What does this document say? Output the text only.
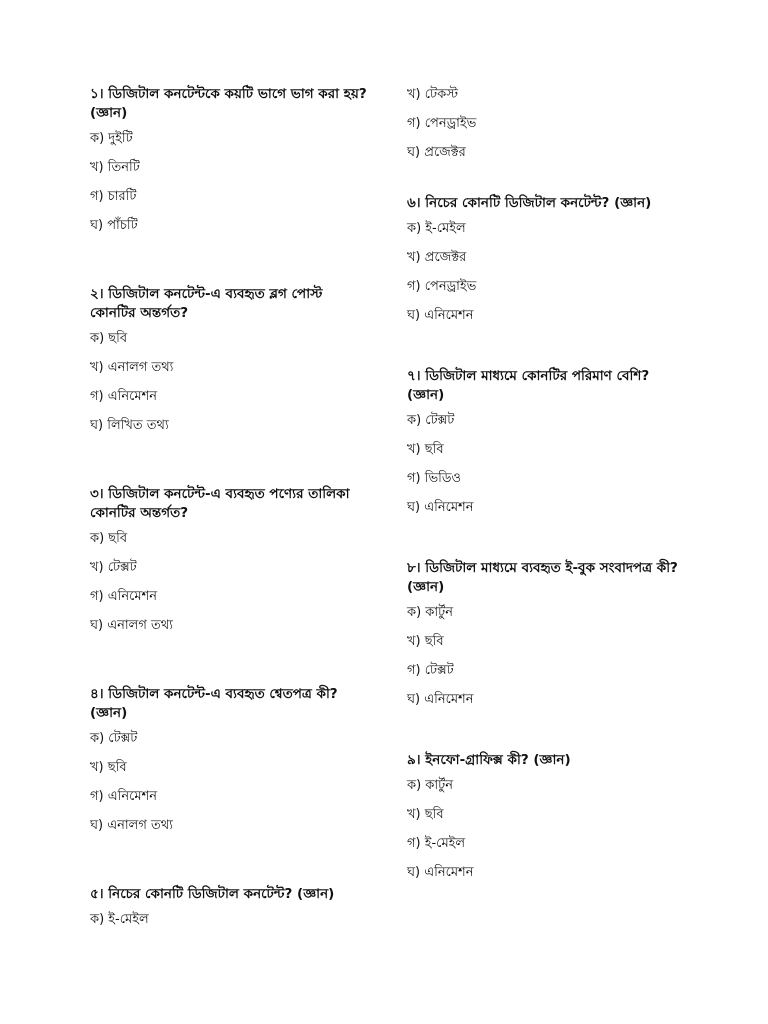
১। ডিজিটাল কনটেন্টকে কয়টি ভাগে ভাগ করা হয়? (জ্ঞান)

ক) দুইটি
খ) তিনটি
গ) চারটি
ঘ) পাঁচটি

২। ডিজিটাল কনটেন্ট-এ ব্যবহৃত ব্লগ পোস্ট কোনটির অন্তর্গত?

ক) ছবি
খ) এনালগ তথ্য
গ) এনিমেশন
ঘ) লিখিত তথ্য

৩। ডিজিটাল কনটেন্ট-এ ব্যবহৃত পণ্যের তালিকা কোনটির অন্তর্গত?

ক) ছবি
খ) টেক্সট
গ) এনিমেশন
ঘ) এনালগ তথ্য

৪। ডিজিটাল কনটেন্ট-এ ব্যবহৃত শ্বেতপত্র কী? (জ্ঞান)

ক) টেক্সট
খ) ছবি
গ) এনিমেশন
ঘ) এনালগ তথ্য

৫। নিচের কোনটি ডিজিটাল কনটেন্ট? (জ্ঞান)

ক) ই-মেইল
খ) টেকস্ট
গ) পেনড্রাইভ
ঘ) প্রজেক্টর

৬। নিচের কোনটি ডিজিটাল কনটেন্ট? (জ্ঞান)

ক) ই-মেইল
খ) প্রজেক্টর
গ) পেনড্রাইভ
ঘ) এনিমেশন

৭। ডিজিটাল মাধ্যমে কোনটির পরিমাণ বেশি? (জ্ঞান)

ক) টেক্সট
খ) ছবি
গ) ভিডিও
ঘ) এনিমেশন

৮। ডিজিটাল মাধ্যমে ব্যবহৃত ই-বুক সংবাদপত্র কী? (জ্ঞান)

ক) কার্টুন
খ) ছবি
গ) টেক্সট
ঘ) এনিমেশন

৯। ইনফো-গ্রাফিক্স কী? (জ্ঞান)

ক) কার্টুন
খ) ছবি
গ) ই-মেইল
ঘ) এনিমেশন
